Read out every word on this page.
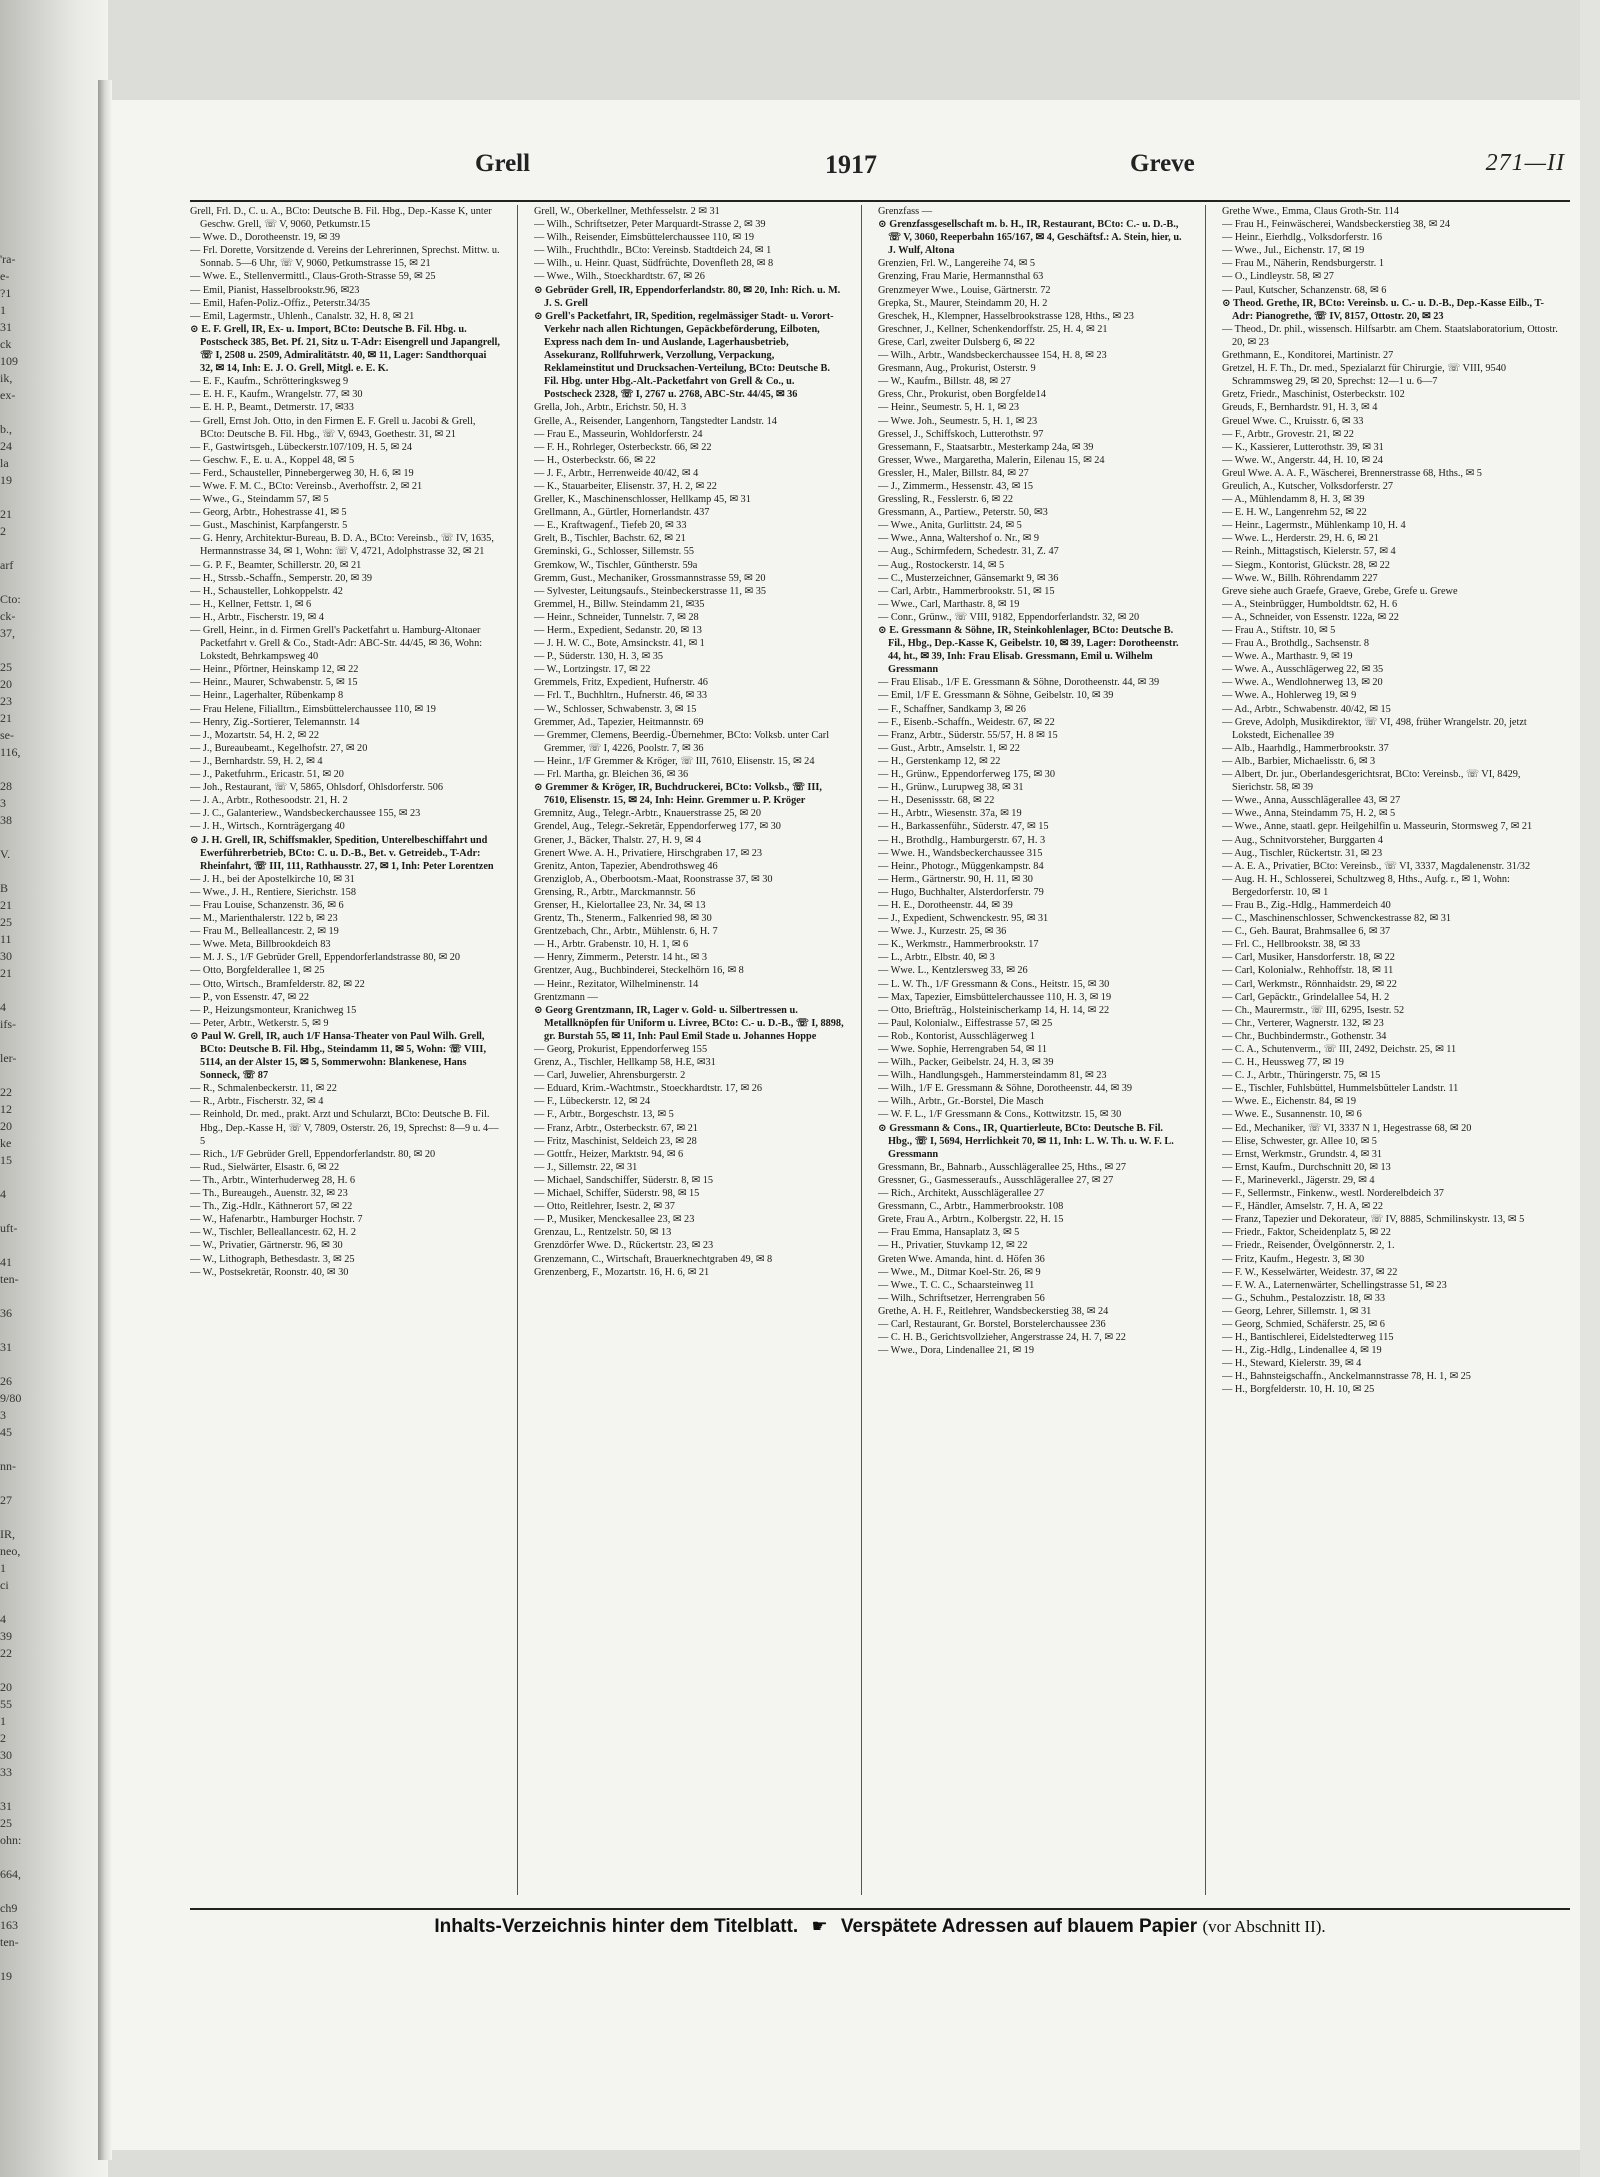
'ra-
e-
?1
1
31
ck
109
ik,
ex-
b.,
24
la
19
21
2
arf
Cto:
ck-
37,
25
20
23
21
se-
116,
28
3
38
V.
B
21
25
11
30
21
4
ifs-
ler-
22
12
20
ke
15
4
uft-
41
ten-
36
31
26
9/80
3
45
nn-
27
IR,
neo,
1
ci
4
39
22
20
55
1
2
30
33
31
25
ohn:
664,
ch9
163
ten-
19
Grell	1917	Greve	271—II

Grell, Frl. D., C. u. A., BCto: Deutsche B. Fil. Hbg., Dep.-Kasse K, unter Geschw. Grell, ☏ V, 9060, Petkumstr.15

— Wwe. D., Dorotheenstr. 19, ✉ 39

— Frl. Dorette, Vorsitzende d. Vereins der Lehrerinnen, Sprechst. Mittw. u. Sonnab. 5—6 Uhr, ☏ V, 9060, Petkumstrasse 15, ✉ 21

— Wwe. E., Stellenvermittl., Claus-Groth-Strasse 59, ✉ 25

— Emil, Pianist, Hasselbrookstr.96, ✉23

— Emil, Hafen-Poliz.-Offiz., Peterstr.34/35

— Emil, Lagermstr., Uhlenh., Canalstr. 32, H. 8, ✉ 21

⊙ E. F. Grell, IR, Ex- u. Import, BCto: Deutsche B. Fil. Hbg. u. Postscheck 385, Bet. Pf. 21, Sitz u. T-Adr: Eisengrell und Japangrell, ☏ I, 2508 u. 2509, Admiralitätstr. 40, ✉ 11, Lager: Sandthorquai 32, ✉ 14, Inh: E. J. O. Grell, Mitgl. e. E. K.

— E. F., Kaufm., Schrötteringksweg 9

— E. H. F., Kaufm., Wrangelstr. 77, ✉ 30

— E. H. P., Beamt., Detmerstr. 17, ✉33

— Grell, Ernst Joh. Otto, in den Firmen E. F. Grell u. Jacobi & Grell, BCto: Deutsche B. Fil. Hbg., ☏ V, 6943, Goethestr. 31, ✉ 21

— F., Gastwirtsgeh., Lübeckerstr.107/109, H. 5, ✉ 24

— Geschw. F., E. u. A., Koppel 48, ✉ 5

— Ferd., Schausteller, Pinnebergerweg 30, H. 6, ✉ 19

— Wwe. F. M. C., BCto: Vereinsb., Averhoffstr. 2, ✉ 21

— Wwe., G., Steindamm 57, ✉ 5

— Georg, Arbtr., Hohestrasse 41, ✉ 5

— Gust., Maschinist, Karpfangerstr. 5

— G. Henry, Architektur-Bureau, B. D. A., BCto: Vereinsb., ☏ IV, 1635, Hermannstrasse 34, ✉ 1, Wohn: ☏ V, 4721, Adolphstrasse 32, ✉ 21

— G. P. F., Beamter, Schillerstr. 20, ✉ 21

— H., Strssb.-Schaffn., Semperstr. 20, ✉ 39

— H., Schausteller, Lohkoppelstr. 42

— H., Kellner, Fettstr. 1, ✉ 6

— H., Arbtr., Fischerstr. 19, ✉ 4

— Grell, Heinr., in d. Firmen Grell's Packetfahrt u. Hamburg-Altonaer Packetfahrt v. Grell & Co., Stadt-Adr: ABC-Str. 44/45, ✉ 36, Wohn: Lokstedt, Behrkampsweg 40

— Heinr., Pförtner, Heinskamp 12, ✉ 22

— Heinr., Maurer, Schwabenstr. 5, ✉ 15

— Heinr., Lagerhalter, Rübenkamp 8

— Frau Helene, Filialltrn., Eimsbüttelerchaussee 110, ✉ 19

— Henry, Zig.-Sortierer, Telemannstr. 14

— J., Mozartstr. 54, H. 2, ✉ 22

— J., Bureaubeamt., Kegelhofstr. 27, ✉ 20

— J., Bernhardstr. 59, H. 2, ✉ 4

— J., Paketfuhrm., Ericastr. 51, ✉ 20

— Joh., Restaurant, ☏ V, 5865, Ohlsdorf, Ohlsdorferstr. 506

— J. A., Arbtr., Rothesoodstr. 21, H. 2

— J. C., Galanteriew., Wandsbeckerchaussee 155, ✉ 23

— J. H., Wirtsch., Kornträgergang 40

⊙ J. H. Grell, IR, Schiffsmakler, Spedition, Unterelbeschiffahrt und Ewerführerbetrieb, BCto: C. u. D.-B., Bet. v. Getreideb., T-Adr: Rheinfahrt, ☏ III, 111, Rathhausstr. 27, ✉ 1, Inh: Peter Lorentzen

— J. H., bei der Apostelkirche 10, ✉ 31

— Wwe., J. H., Rentiere, Sierichstr. 158

— Frau Louise, Schanzenstr. 36, ✉ 6

— M., Marienthalerstr. 122 b, ✉ 23

— Frau M., Belleallancestr. 2, ✉ 19

— Wwe. Meta, Billbrookdeich 83

— M. J. S., 1/F Gebrüder Grell, Eppendorferlandstrasse 80, ✉ 20

— Otto, Borgfelderallee 1, ✉ 25

— Otto, Wirtsch., Bramfelderstr. 82, ✉ 22

— P., von Essenstr. 47, ✉ 22

— P., Heizungsmonteur, Kranichweg 15

— Peter, Arbtr., Wetkerstr. 5, ✉ 9

⊙ Paul W. Grell, IR, auch 1/F Hansa-Theater von Paul Wilh. Grell, BCto: Deutsche B. Fil. Hbg., Steindamm 11, ✉ 5, Wohn: ☏ VIII, 5114, an der Alster 15, ✉ 5, Sommerwohn: Blankenese, Hans Sonneck, ☏ 87

— R., Schmalenbeckerstr. 11, ✉ 22

— R., Arbtr., Fischerstr. 32, ✉ 4

— Reinhold, Dr. med., prakt. Arzt und Schularzt, BCto: Deutsche B. Fil. Hbg., Dep.-Kasse H, ☏ V, 7809, Osterstr. 26, 19, Sprechst: 8—9 u. 4—5

— Rich., 1/F Gebrüder Grell, Eppendorferlandstr. 80, ✉ 20

— Rud., Sielwärter, Elsastr. 6, ✉ 22

— Th., Arbtr., Winterhuderweg 28, H. 6

— Th., Bureaugeh., Auenstr. 32, ✉ 23

— Th., Zig.-Hdlr., Käthnerort 57, ✉ 22

— W., Hafenarbtr., Hamburger Hochstr. 7

— W., Tischler, Belleallancestr. 62, H. 2

— W., Privatier, Gärtnerstr. 96, ✉ 30

— W., Lithograph, Bethesdastr. 3, ✉ 25

— W., Postsekretär, Roonstr. 40, ✉ 30

Grell, W., Oberkellner, Methfesselstr. 2 ✉ 31

— Wilh., Schriftsetzer, Peter Marquardt-Strasse 2, ✉ 39

— Wilh., Reisender, Eimsbüttelerchaussee 110, ✉ 19

— Wilh., Fruchthdlr., BCto: Vereinsb. Stadtdeich 24, ✉ 1

— Wilh., u. Heinr. Quast, Südfrüchte, Dovenfleth 28, ✉ 8

— Wwe., Wilh., Stoeckhardtstr. 67, ✉ 26

⊙ Gebrüder Grell, IR, Eppendorferlandstr. 80, ✉ 20, Inh: Rich. u. M. J. S. Grell

⊙ Grell's Packetfahrt, IR, Spedition, regelmässiger Stadt- u. Vorort-Verkehr nach allen Richtungen, Gepäckbeförderung, Eilboten, Express nach dem In- und Auslande, Lagerhausbetrieb, Assekuranz, Rollfuhrwerk, Verzollung, Verpackung, Reklameinstitut und Drucksachen-Verteilung, BCto: Deutsche B. Fil. Hbg. unter Hbg.-Alt.-Packetfahrt von Grell & Co., u. Postscheck 2328, ☏ I, 2767 u. 2768, ABC-Str. 44/45, ✉ 36

Grella, Joh., Arbtr., Erichstr. 50, H. 3

Grelle, A., Reisender, Langenhorn, Tangstedter Landstr. 14

— Frau E., Masseurin, Wohldorferstr. 24

— F. H., Rohrleger, Osterbeckstr. 66, ✉ 22

— H., Osterbeckstr. 66, ✉ 22

— J. F., Arbtr., Herrenweide 40/42, ✉ 4

— K., Stauarbeiter, Elisenstr. 37, H. 2, ✉ 22

Greller, K., Maschinenschlosser, Hellkamp 45, ✉ 31

Grellmann, A., Gürtler, Hornerlandstr. 437

— E., Kraftwagenf., Tiefeb 20, ✉ 33

Grelt, B., Tischler, Bachstr. 62, ✉ 21

Greminski, G., Schlosser, Sillemstr. 55

Gremkow, W., Tischler, Güntherstr. 59a

Gremm, Gust., Mechaniker, Grossmannstrasse 59, ✉ 20

— Sylvester, Leitungsaufs., Steinbeckerstrasse 11, ✉ 35

Gremmel, H., Billw. Steindamm 21, ✉35

— Heinr., Schneider, Tunnelstr. 7, ✉ 28

— Herm., Expedient, Sedanstr. 20, ✉ 13

— J. H. W. C., Bote, Amsinckstr. 41, ✉ 1

— P., Süderstr. 130, H. 3, ✉ 35

— W., Lortzingstr. 17, ✉ 22

Gremmels, Fritz, Expedient, Hufnerstr. 46

— Frl. T., Buchhltrn., Hufnerstr. 46, ✉ 33

— W., Schlosser, Schwabenstr. 3, ✉ 15

Gremmer, Ad., Tapezier, Heitmannstr. 69

— Gremmer, Clemens, Beerdig.-Übernehmer, BCto: Volksb. unter Carl Gremmer, ☏ I, 4226, Poolstr. 7, ✉ 36

— Heinr., 1/F Gremmer & Kröger, ☏ III, 7610, Elisenstr. 15, ✉ 24

— Frl. Martha, gr. Bleichen 36, ✉ 36

⊙ Gremmer & Kröger, IR, Buchdruckerei, BCto: Volksb., ☏ III, 7610, Elisenstr. 15, ✉ 24, Inh: Heinr. Gremmer u. P. Kröger

Gremnitz, Aug., Telegr.-Arbtr., Knauerstrasse 25, ✉ 20

Grendel, Aug., Telegr.-Sekretär, Eppendorferweg 177, ✉ 30

Grener, J., Bäcker, Thalstr. 27, H. 9, ✉ 4

Grenert Wwe. A. H., Privatiere, Hirschgraben 17, ✉ 23

Grenitz, Anton, Tapezier, Abendrothsweg 46

Grenziglob, A., Oberbootsm.-Maat, Roonstrasse 37, ✉ 30

Grensing, R., Arbtr., Marckmannstr. 56

Grenser, H., Kielortallee 23, Nr. 34, ✉ 13

Grentz, Th., Stenerm., Falkenried 98, ✉ 30

Grentzebach, Chr., Arbtr., Mühlenstr. 6, H. 7

— H., Arbtr. Grabenstr. 10, H. 1, ✉ 6

— Henry, Zimmerm., Peterstr. 14 ht., ✉ 3

Grentzer, Aug., Buchbinderei, Steckelhörn 16, ✉ 8

— Heinr., Rezitator, Wilhelminenstr. 14

Grentzmann —

⊙ Georg Grentzmann, IR, Lager v. Gold- u. Silbertressen u. Metallknöpfen für Uniform u. Livree, BCto: C.- u. D.-B., ☏ I, 8898, gr. Burstah 55, ✉ 11, Inh: Paul Emil Stade u. Johannes Hoppe

— Georg, Prokurist, Eppendorferweg 155

Grenz, A., Tischler, Hellkamp 58, H.E, ✉31

— Carl, Juwelier, Ahrensburgerstr. 2

— Eduard, Krim.-Wachtmstr., Stoeckhardtstr. 17, ✉ 26

— F., Lübeckerstr. 12, ✉ 24

— F., Arbtr., Borgeschstr. 13, ✉ 5

— Franz, Arbtr., Osterbeckstr. 67, ✉ 21

— Fritz, Maschinist, Seldeich 23, ✉ 28

— Gottfr., Heizer, Marktstr. 94, ✉ 6

— J., Sillemstr. 22, ✉ 31

— Michael, Sandschiffer, Süderstr. 8, ✉ 15

— Michael, Schiffer, Süderstr. 98, ✉ 15

— Otto, Reitlehrer, Isestr. 2, ✉ 37

— P., Musiker, Menckesallee 23, ✉ 23

Grenzau, L., Rentzelstr. 50, ✉ 13

Grenzdörfer Wwe. D., Rückertstr. 23, ✉ 23

Grenzemann, C., Wirtschaft, Brauerknechtgraben 49, ✉ 8

Grenzenberg, F., Mozartstr. 16, H. 6, ✉ 21

Grenzfass —

⊙ Grenzfassgesellschaft m. b. H., IR, Restaurant, BCto: C.- u. D.-B., ☏ V, 3060, Reeperbahn 165/167, ✉ 4, Geschäftsf.: A. Stein, hier, u. J. Wulf, Altona

Grenzien, Frl. W., Langereihe 74, ✉ 5

Grenzing, Frau Marie, Hermannsthal 63

Grenzmeyer Wwe., Louise, Gärtnerstr. 72

Grepka, St., Maurer, Steindamm 20, H. 2

Greschek, H., Klempner, Hasselbrookstrasse 128, Hths., ✉ 23

Greschner, J., Kellner, Schenkendorffstr. 25, H. 4, ✉ 21

Grese, Carl, zweiter Dulsberg 6, ✉ 22

— Wilh., Arbtr., Wandsbeckerchaussee 154, H. 8, ✉ 23

Gresmann, Aug., Prokurist, Osterstr. 9

— W., Kaufm., Billstr. 48, ✉ 27

Gress, Chr., Prokurist, oben Borgfelde14

— Heinr., Seumestr. 5, H. 1, ✉ 23

— Wwe. Joh., Seumestr. 5, H. 1, ✉ 23

Gressel, J., Schiffskoch, Lutterothstr. 97

Gressemann, F., Staatsarbtr., Mesterkamp 24a, ✉ 39

Gresser, Wwe., Margaretha, Malerin, Eilenau 15, ✉ 24

Gressler, H., Maler, Billstr. 84, ✉ 27

— J., Zimmerm., Hessenstr. 43, ✉ 15

Gressling, R., Fesslerstr. 6, ✉ 22

Gressmann, A., Partiew., Peterstr. 50, ✉3

— Wwe., Anita, Gurlittstr. 24, ✉ 5

— Wwe., Anna, Waltershof o. Nr., ✉ 9

— Aug., Schirmfedern, Schedestr. 31, Z. 47

— Aug., Rostockerstr. 14, ✉ 5

— C., Musterzeichner, Gänsemarkt 9, ✉ 36

— Carl, Arbtr., Hammerbrookstr. 51, ✉ 15

— Wwe., Carl, Marthastr. 8, ✉ 19

— Conr., Grünw., ☏ VIII, 9182, Eppendorferlandstr. 32, ✉ 20

⊙ E. Gressmann & Söhne, IR, Steinkohlenlager, BCto: Deutsche B. Fil., Hbg., Dep.-Kasse K, Geibelstr. 10, ✉ 39, Lager: Dorotheenstr. 44, ht., ✉ 39, Inh: Frau Elisab. Gressmann, Emil u. Wilhelm Gressmann

— Frau Elisab., 1/F E. Gressmann & Söhne, Dorotheenstr. 44, ✉ 39

— Emil, 1/F E. Gressmann & Söhne, Geibelstr. 10, ✉ 39

— F., Schaffner, Sandkamp 3, ✉ 26

— F., Eisenb.-Schaffn., Weidestr. 67, ✉ 22

— Franz, Arbtr., Süderstr. 55/57, H. 8 ✉ 15

— Gust., Arbtr., Amselstr. 1, ✉ 22

— H., Gerstenkamp 12, ✉ 22

— H., Grünw., Eppendorferweg 175, ✉ 30

— H., Grünw., Lurupweg 38, ✉ 31

— H., Desenissstr. 68, ✉ 22

— H., Arbtr., Wiesenstr. 37a, ✉ 19

— H., Barkassenführ., Süderstr. 47, ✉ 15

— H., Brothdlg., Hamburgerstr. 67, H. 3

— Wwe. H., Wandsbeckerchaussee 315

— Heinr., Photogr., Müggenkampstr. 84

— Herm., Gärtnerstr. 90, H. 11, ✉ 30

— Hugo, Buchhalter, Alsterdorferstr. 79

— H. E., Dorotheenstr. 44, ✉ 39

— J., Expedient, Schwenckestr. 95, ✉ 31

— Wwe. J., Kurzestr. 25, ✉ 36

— K., Werkmstr., Hammerbrookstr. 17

— L., Arbtr., Elbstr. 40, ✉ 3

— Wwe. L., Kentzlersweg 33, ✉ 26

— L. W. Th., 1/F Gressmann & Cons., Heitstr. 15, ✉ 30

— Max, Tapezier, Eimsbüttelerchaussee 110, H. 3, ✉ 19

— Otto, Briefträg., Holsteinischerkamp 14, H. 14, ✉ 22

— Paul, Kolonialw., Eiffestrasse 57, ✉ 25

— Rob., Kontorist, Ausschlägerweg 1

— Wwe. Sophie, Herrengraben 54, ✉ 11

— Wilh., Packer, Geibelstr. 24, H. 3, ✉ 39

— Wilh., Handlungsgeh., Hammersteindamm 81, ✉ 23

— Wilh., 1/F E. Gressmann & Söhne, Dorotheenstr. 44, ✉ 39

— Wilh., Arbtr., Gr.-Borstel, Die Masch

— W. F. L., 1/F Gressmann & Cons., Kottwitzstr. 15, ✉ 30

⊙ Gressmann & Cons., IR, Quartierleute, BCto: Deutsche B. Fil. Hbg., ☏ I, 5694, Herrlichkeit 70, ✉ 11, Inh: L. W. Th. u. W. F. L. Gressmann

Gressmann, Br., Bahnarb., Ausschlägerallee 25, Hths., ✉ 27

Gressner, G., Gasmesseraufs., Ausschlägerallee 27, ✉ 27

— Rich., Architekt, Ausschlägerallee 27

Gressmann, C., Arbtr., Hammerbrookstr. 108

Grete, Frau A., Arbtrn., Kolbergstr. 22, H. 15

— Frau Emma, Hansaplatz 3, ✉ 5

— H., Privatier, Stuvkamp 12, ✉ 22

Greten Wwe. Amanda, hint. d. Höfen 36

— Wwe., M., Ditmar Koel-Str. 26, ✉ 9

— Wwe., T. C. C., Schaarsteinweg 11

— Wilh., Schriftsetzer, Herrengraben 56

Grethe, A. H. F., Reitlehrer, Wandsbeckerstieg 38, ✉ 24

— Carl, Restaurant, Gr. Borstel, Borstelerchaussee 236

— C. H. B., Gerichtsvollzieher, Angerstrasse 24, H. 7, ✉ 22

— Wwe., Dora, Lindenallee 21, ✉ 19

Grethe Wwe., Emma, Claus Groth-Str. 114

— Frau H., Feinwäscherei, Wandsbeckerstieg 38, ✉ 24

— Heinr., Eierhdlg., Volksdorferstr. 16

— Wwe., Jul., Eichenstr. 17, ✉ 19

— Frau M., Näherin, Rendsburgerstr. 1

— O., Lindleystr. 58, ✉ 27

— Paul, Kutscher, Schanzenstr. 68, ✉ 6

⊙ Theod. Grethe, IR, BCto: Vereinsb. u. C.- u. D.-B., Dep.-Kasse Eilb., T-Adr: Pianogrethe, ☏ IV, 8157, Ottostr. 20, ✉ 23

— Theod., Dr. phil., wissensch. Hilfsarbtr. am Chem. Staatslaboratorium, Ottostr. 20, ✉ 23

Grethmann, E., Konditorei, Martinistr. 27

Gretzel, H. F. Th., Dr. med., Spezialarzt für Chirurgie, ☏ VIII, 9540 Schrammsweg 29, ✉ 20, Sprechst: 12—1 u. 6—7

Gretz, Friedr., Maschinist, Osterbeckstr. 102

Greuds, F., Bernhardstr. 91, H. 3, ✉ 4

Greuel Wwe. C., Kruisstr. 6, ✉ 33

— F., Arbtr., Grovestr. 21, ✉ 22

— K., Kassierer, Lutterothstr. 39, ✉ 31

— Wwe. W., Angerstr. 44, H. 10, ✉ 24

Greul Wwe. A. A. F., Wäscherei, Brennerstrasse 68, Hths., ✉ 5

Greulich, A., Kutscher, Volksdorferstr. 27

— A., Mühlendamm 8, H. 3, ✉ 39

— E. H. W., Langenrehm 52, ✉ 22

— Heinr., Lagermstr., Mühlenkamp 10, H. 4

— Wwe. L., Herderstr. 29, H. 6, ✉ 21

— Reinh., Mittagstisch, Kielerstr. 57, ✉ 4

— Siegm., Kontorist, Glückstr. 28, ✉ 22

— Wwe. W., Billh. Röhrendamm 227

Greve siehe auch Graefe, Graeve, Grebe, Grefe u. Grewe

— A., Steinbrügger, Humboldtstr. 62, H. 6

— A., Schneider, von Essenstr. 122a, ✉ 22

— Frau A., Stiftstr. 10, ✉ 5

— Frau A., Brothdlg., Sachsenstr. 8

— Wwe. A., Marthastr. 9, ✉ 19

— Wwe. A., Ausschlägerweg 22, ✉ 35

— Wwe. A., Wendlohnerweg 13, ✉ 20

— Wwe. A., Hohlerweg 19, ✉ 9

— Ad., Arbtr., Schwabenstr. 40/42, ✉ 15

— Greve, Adolph, Musikdirektor, ☏ VI, 498, früher Wrangelstr. 20, jetzt Lokstedt, Eichenallee 39

— Alb., Haarhdlg., Hammerbrookstr. 37

— Alb., Barbier, Michaelisstr. 6, ✉ 3

— Albert, Dr. jur., Oberlandesgerichtsrat, BCto: Vereinsb., ☏ VI, 8429, Sierichstr. 58, ✉ 39

— Wwe., Anna, Ausschlägerallee 43, ✉ 27

— Wwe., Anna, Steindamm 75, H. 2, ✉ 5

— Wwe., Anne, staatl. gepr. Heilgehilfin u. Masseurin, Stormsweg 7, ✉ 21

— Aug., Schnitvorsteher, Burggarten 4

— Aug., Tischler, Rückertstr. 31, ✉ 23

— A. E. A., Privatier, BCto: Vereinsb., ☏ VI, 3337, Magdalenenstr. 31/32

— Aug. H. H., Schlosserei, Schultzweg 8, Hths., Aufg. r., ✉ 1, Wohn: Bergedorferstr. 10, ✉ 1

— Frau B., Zig.-Hdlg., Hammerdeich 40

— C., Maschinenschlosser, Schwenckestrasse 82, ✉ 31

— C., Geh. Baurat, Brahmsallee 6, ✉ 37

— Frl. C., Hellbrookstr. 38, ✉ 33

— Carl, Musiker, Hansdorferstr. 18, ✉ 22

— Carl, Kolonialw., Rehhoffstr. 18, ✉ 11

— Carl, Werkmstr., Rönnhaidstr. 29, ✉ 22

— Carl, Gepäcktr., Grindelallee 54, H. 2

— Ch., Maurermstr., ☏ III, 6295, Isestr. 52

— Chr., Verterer, Wagnerstr. 132, ✉ 23

— Chr., Buchbindermstr., Gothenstr. 34

— C. A., Schutenverm., ☏ III, 2492, Deichstr. 25, ✉ 11

— C. H., Heussweg 77, ✉ 19

— C. J., Arbtr., Thüringerstr. 75, ✉ 15

— E., Tischler, Fuhlsbüttel, Hummelsbütteler Landstr. 11

— Wwe. E., Eichenstr. 84, ✉ 19

— Wwe. E., Susannenstr. 10, ✉ 6

— Ed., Mechaniker, ☏ VI, 3337 N 1, Hegestrasse 68, ✉ 20

— Elise, Schwester, gr. Allee 10, ✉ 5

— Ernst, Werkmstr., Grundstr. 4, ✉ 31

— Ernst, Kaufm., Durchschnitt 20, ✉ 13

— F., Marineverkl., Jägerstr. 29, ✉ 4

— F., Sellermstr., Finkenw., westl. Norderelbdeich 37

— F., Händler, Amselstr. 7, H. A, ✉ 22

— Franz, Tapezier und Dekorateur, ☏ IV, 8885, Schmilinskystr. 13, ✉ 5

— Friedr., Faktor, Scheidenplatz 5, ✉ 22

— Friedr., Reisender, Övelgönnerstr. 2, 1.

— Fritz, Kaufm., Hegestr. 3, ✉ 30

— F. W., Kesselwärter, Weidestr. 37, ✉ 22

— F. W. A., Laternenwärter, Schellingstrasse 51, ✉ 23

— G., Schuhm., Pestalozzistr. 18, ✉ 33

— Georg, Lehrer, Sillemstr. 1, ✉ 31

— Georg, Schmied, Schäferstr. 25, ✉ 6

— H., Bantischlerei, Eidelstedterweg 115

— H., Zig.-Hdlg., Lindenallee 4, ✉ 19

— H., Steward, Kielerstr. 39, ✉ 4

— H., Bahnsteigschaffn., Anckelmannstrasse 78, H. 1, ✉ 25

— H., Borgfelderstr. 10, H. 10, ✉ 25

Inhalts-Verzeichnis hinter dem Titelblatt. ☛ Verspätete Adressen auf blauem Papier (vor Abschnitt II).
